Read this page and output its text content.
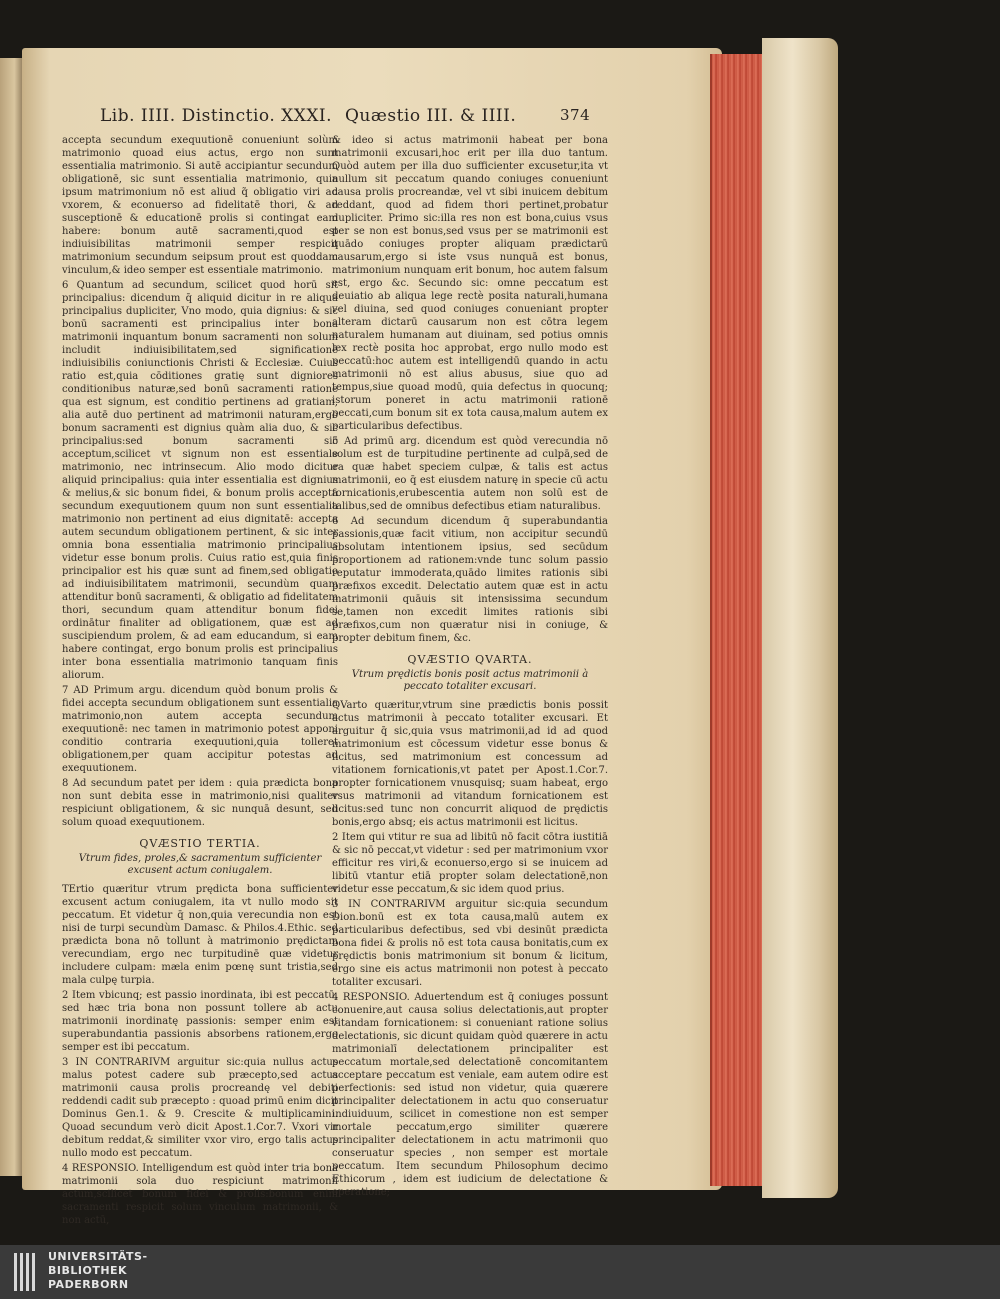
Lib. IIII. Distinctio. XXXI. Quæstio III. & IIII.	374

accepta secundum exequutionē conueniunt solùm matrimonio quoad eius actus, ergo non sunt essentialia matrimonio. Si autē accipiantur secundum obligationē, sic sunt essentialia matrimonio, quia ipsum matrimonium nō est aliud q̃ obligatio viri ad vxorem, & econuerso ad fidelitatē thori, & ad susceptionē & educationē prolis si contingat eam habere: bonum autē sacramenti,quod est indiuisibilitas matrimonii semper respicit matrimonium secundum seipsum prout est quoddam vinculum,& ideo semper est essentiale matrimonio.

6 Quantum ad secundum, scilicet quod horū sit principalius: dicendum q̄ aliquid dicitur in re aliqua principalius dupliciter, Vno modo, quia dignius: & sic bonū sacramenti est principalius inter bona matrimonii inquantum bonum sacramenti non solum includit indiuisibilitatem,sed significationē indiuisibilis coniunctionis Christi & Ecclesiæ. Cuius ratio est,quia cōditiones gratię sunt digniores conditionibus naturæ,sed bonū sacramenti ratione qua est signum, est conditio pertinens ad gratiam, alia autē duo pertinent ad matrimonii naturam,ergo bonum sacramenti est dignius quàm alia duo, & sic principalius:sed bonum sacramenti sic acceptum,scilicet vt signum non est essentiale matrimonio, nec intrinsecum. Alio modo dicitur aliquid principalius: quia inter essentialia est dignius & melius,& sic bonum fidei, & bonum prolis accepta secundum exequutionem quum non sunt essentialia matrimonio non pertinent ad eius dignitatē: accepta autem secundum obligationem pertinent, & sic inter omnia bona essentialia matrimonio principalius videtur esse bonum prolis. Cuius ratio est,quia finis principalior est his quæ sunt ad finem,sed obligatio ad indiuisibilitatem matrimonii, secundùm quam attenditur bonū sacramenti, & obligatio ad fidelitatem thori, secundum quam attenditur bonum fidei ordinātur finaliter ad obligationem, quæ est ad suscipiendum prolem, & ad eam educandum, si eam habere contingat, ergo bonum prolis est principalius inter bona essentialia matrimonio tanquam finis aliorum.

7 AD Primum argu. dicendum quòd bonum prolis & fidei accepta secundum obligationem sunt essentialia matrimonio,non autem accepta secundum exequutionē: nec tamen in matrimonio potest apponi conditio contraria exequutioni,quia tolleret obligationem,per quam accipitur potestas ad exequutionem.

8 Ad secundum patet per idem : quia prædicta bona non sunt debita esse in matrimonio,nisi qualiter respiciunt obligationem, & sic nunquā desunt, sed solum quoad exequutionem.

QVÆSTIO TERTIA.
Vtrum fides, proles,& sacramentum sufficienter excusent actum coniugalem.

TErtio quæritur vtrum prędicta bona sufficienter excusent actum coniugalem, ita vt nullo modo sit peccatum. Et videtur q̄ non,quia verecundia non est nisi de turpi secundùm Damasc. & Philos.4.Ethic. sed prædicta bona nō tollunt à matrimonio prędictam verecundiam, ergo nec turpitudinē quæ videtur includere culpam: mæla enim pœnę sunt tristia,sed mala culpę turpia.

2 Item vbicunq; est passio inordinata, ibi est peccatū, sed hæc tria bona non possunt tollere ab actu matrimonii inordinatę passionis: semper enim est superabundantia passionis absorbens rationem,ergo semper est ibi peccatum.

3 IN CONTRARIVM arguitur sic:quia nullus actus malus potest cadere sub præcepto,sed actus matrimonii causa prolis procreandę vel debiti reddendi cadit sub præcepto : quoad primū enim dicit Dominus Gen.1. & 9. Crescite & multiplicamini. Quoad secundum verò dicit Apost.1.Cor.7. Vxori vir debitum reddat,& similiter vxor viro, ergo talis actus nullo modo est peccatum.

4 RESPONSIO. Intelligendum est quòd inter tria bona matrimonii sola duo respiciunt matrimonii actum,scilicet bonum fidei & prolis:bonum enim sacramenti respicit solum vinculum matrimonii, & non actū,

& ideo si actus matrimonii habeat per bona matrimonii excusari,hoc erit per illa duo tantum. Quòd autem per illa duo sufficienter excusetur,ita vt nullum sit peccatum quando coniuges conueniunt causa prolis procreandæ, vel vt sibi inuicem debitum reddant, quod ad fidem thori pertinet,probatur dupliciter. Primo sic:illa res non est bona,cuius vsus per se non est bonus,sed vsus per se matrimonii est quādo coniuges propter aliquam prædictarū causarum,ergo si iste vsus nunquā est bonus, matrimonium nunquam erit bonum, hoc autem falsum est, ergo &c. Secundo sic: omne peccatum est deuiatio ab aliqua lege rectè posita naturali,humana vel diuina, sed quod coniuges conueniant propter alteram dictarū causarum non est cōtra legem naturalem humanam aut diuinam, sed potius omnis lex rectè posita hoc approbat, ergo nullo modo est peccatū:hoc autem est intelligendū quando in actu matrimonii nō est alius abusus, siue quo ad tempus,siue quoad modū, quia defectus in quocunq; istorum poneret in actu matrimonii rationē peccati,cum bonum sit ex tota causa,malum autem ex particularibus defectibus.

5 Ad primū arg. dicendum est quòd verecundia nō solum est de turpitudine pertinente ad culpā,sed de ea quæ habet speciem culpæ, & talis est actus matrimonii, eo q̄ est eiusdem naturę in specie cū actu fornicationis,erubescentia autem non solū est de talibus,sed de omnibus defectibus etiam naturalibus.

6 Ad secundum dicendum q̄ superabundantia passionis,quæ facit vitium, non accipitur secundū absolutam intentionem ipsius, sed secūdum proportionem ad rationem:vnde tunc solum passio reputatur immoderata,quādo limites rationis sibi præfixos excedit. Delectatio autem quæ est in actu matrimonii quāuis sit intensissima secundum se,tamen non excedit limites rationis sibi præfixos,cum non quæratur nisi in coniuge, & propter debitum finem, &c.

QVÆSTIO QVARTA.
Vtrum prędictis bonis posit actus matrimonii à peccato totaliter excusari.

QVarto quæritur,vtrum sine prædictis bonis possit actus matrimonii à peccato totaliter excusari. Et arguitur q̄ sic,quia vsus matrimonii,ad id ad quod matrimonium est cōcessum videtur esse bonus & licitus, sed matrimonium est concessum ad vitationem fornicationis,vt patet per Apost.1.Cor.7. propter fornicationem vnusquisq; suam habeat, ergo vsus matrimonii ad vitandum fornicationem est licitus:sed tunc non concurrit aliquod de prędictis bonis,ergo absq; eis actus matrimonii est licitus.

2 Item qui vtitur re sua ad libitū nō facit cōtra iustitiā & sic nō peccat,vt videtur : sed per matrimonium vxor efficitur res viri,& econuerso,ergo si se inuicem ad libitū vtantur etiā propter solam delectationē,non videtur esse peccatum,& sic idem quod prius.

3 IN CONTRARIVM arguitur sic:quia secundum Dion.bonū est ex tota causa,malū autem ex particularibus defectibus, sed vbi desinūt prædicta bona fidei & prolis nō est tota causa bonitatis,cum ex prędictis bonis matrimonium sit bonum & licitum, ergo sine eis actus matrimonii non potest à peccato totaliter excusari.

4 RESPONSIO. Aduertendum est q̄ coniuges possunt conuenire,aut causa solius delectationis,aut propter vitandam fornicationem: si conueniant ratione solius delectationis, sic dicunt quidam quòd quærere in actu matrimonialī delectationem principaliter est peccatum mortale,sed delectationē concomitantem acceptare peccatum est veniale, eam autem odire est perfectionis: sed istud non videtur, quia quærere principaliter delectationem in actu quo conseruatur indiuiduum, scilicet in comestione non est semper mortale peccatum,ergo similiter quærere principaliter delectationem in actu matrimonii quo conseruatur species , non semper est mortale peccatum. Item secundum Philosophum decimo Ethicorum , idem est iudicium de delectatione & operatione;

UNIVERSITÄTS-
BIBLIOTHEK
PADERBORN
